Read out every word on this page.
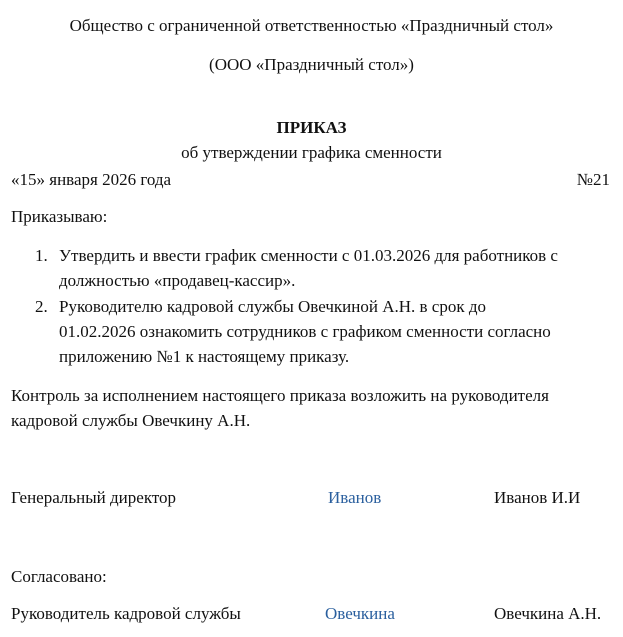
Общество с ограниченной ответственностью «Праздничный стол»
(ООО «Праздничный стол»)
ПРИКАЗ
об утверждении графика сменности
«15» января 2026 года	№21
Приказываю:
1. Утвердить и ввести график сменности с 01.03.2026 для работников с
должностью «продавец-кассир».
2. Руководителю кадровой службы Овечкиной А.Н. в срок до
01.02.2026 ознакомить сотрудников с графиком сменности согласно
приложению №1 к настоящему приказу.
Контроль за исполнением настоящего приказа возложить на руководителя
кадровой службы Овечкину А.Н.
Генеральный директор	Иванов	Иванов И.И
Согласовано:
Руководитель кадровой службы	Овечкина	Овечкина А.Н.
